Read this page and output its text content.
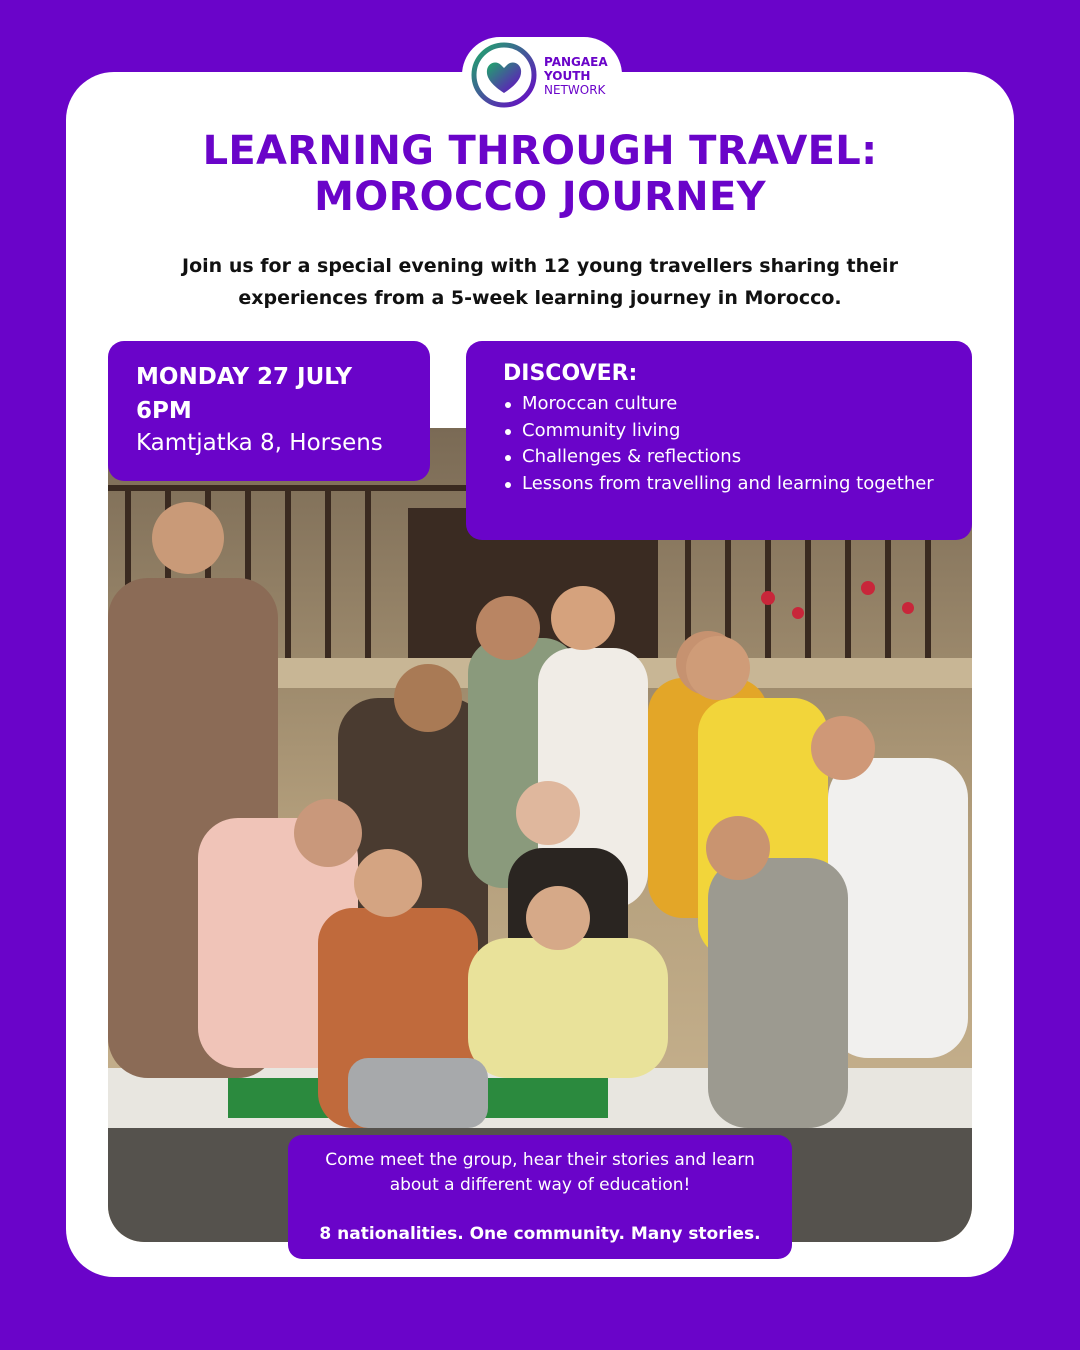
PANGAEA
YOUTH
NETWORK
LEARNING THROUGH TRAVEL:
MOROCCO JOURNEY
Join us for a special evening with 12 young travellers sharing their
experiences from a 5-week learning journey in Morocco.
MONDAY 27 JULY
6PM
Kamtjatka 8, Horsens
DISCOVER:
Moroccan culture
Community living
Challenges & reflections
Lessons from travelling and learning together
Come meet the group, hear their stories and learn
about a different way of education!
8 nationalities. One community. Many stories.
